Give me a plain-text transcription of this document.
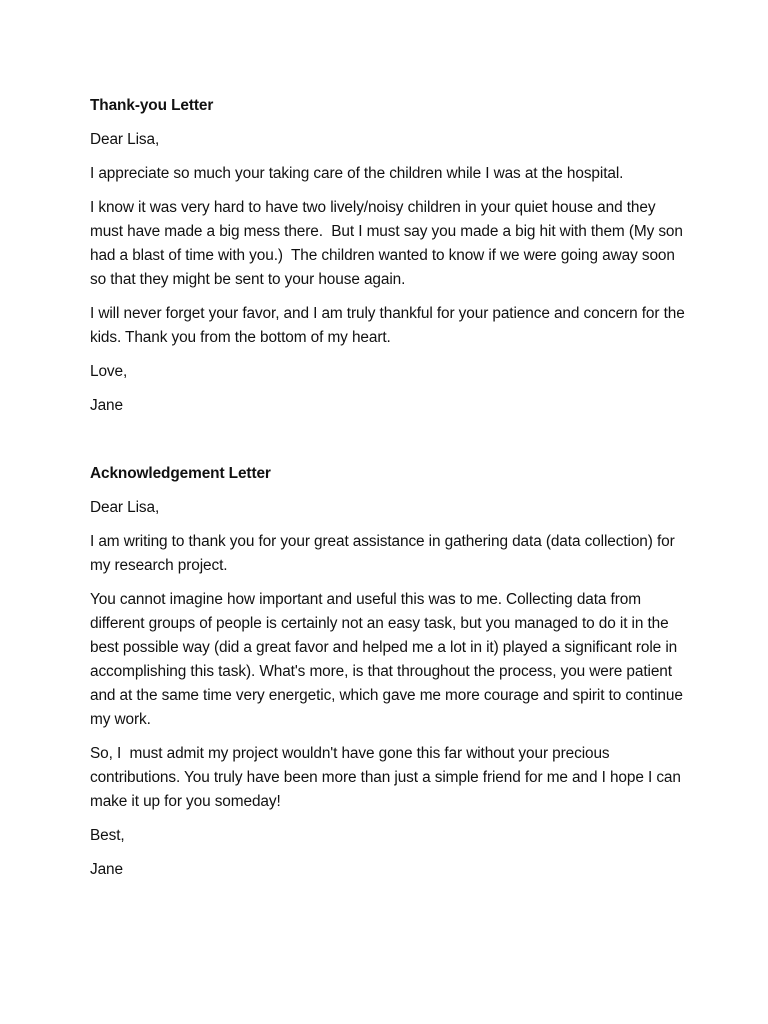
Thank-you Letter
Dear Lisa,
I appreciate so much your taking care of the children while I was at the hospital.
I know it was very hard to have two lively/noisy children in your quiet house and they must have made a big mess there.  But I must say you made a big hit with them (My son had a blast of time with you.)  The children wanted to know if we were going away soon so that they might be sent to your house again.
I will never forget your favor, and I am truly thankful for your patience and concern for the kids. Thank you from the bottom of my heart.
Love,
Jane
Acknowledgement Letter
Dear Lisa,
I am writing to thank you for your great assistance in gathering data (data collection) for my research project.
You cannot imagine how important and useful this was to me. Collecting data from different groups of people is certainly not an easy task, but you managed to do it in the best possible way (did a great favor and helped me a lot in it) played a significant role in accomplishing this task). What's more, is that throughout the process, you were patient and at the same time very energetic, which gave me more courage and spirit to continue my work.
So, I  must admit my project wouldn't have gone this far without your precious contributions. You truly have been more than just a simple friend for me and I hope I can make it up for you someday!
Best,
Jane
